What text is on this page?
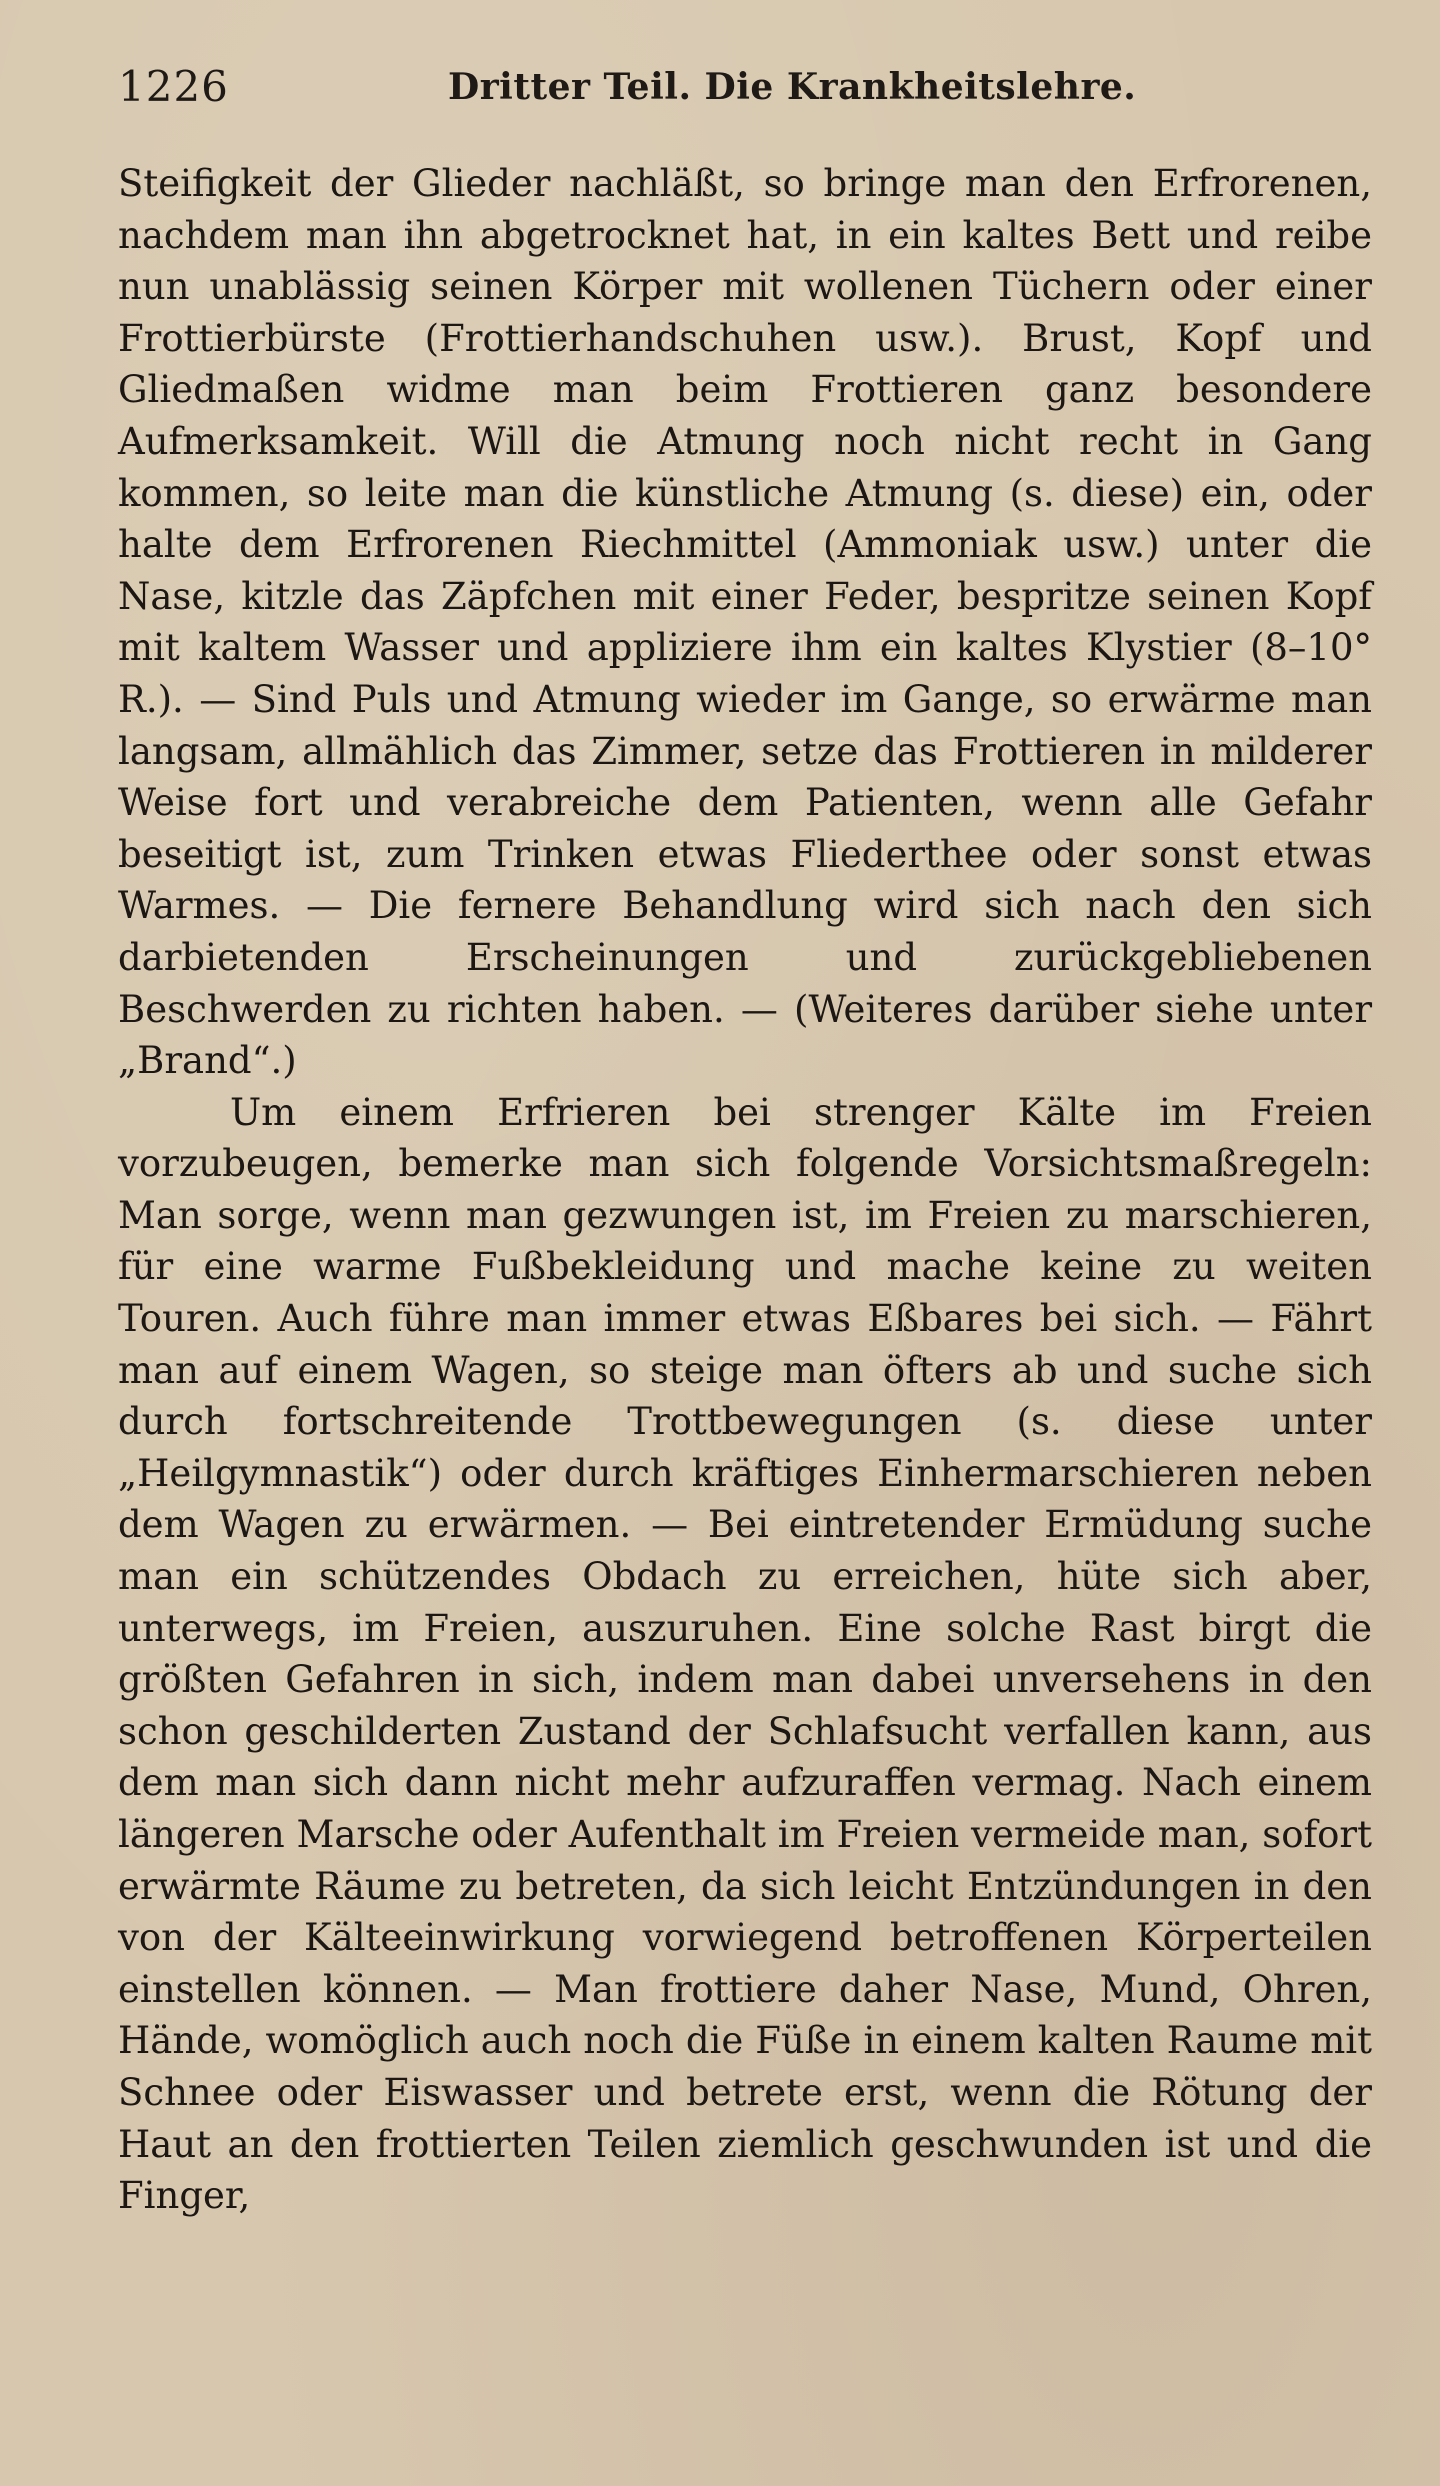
1226	Dritter Teil. Die Krankheitslehre.

Steifigkeit der Glieder nachläßt, so bringe man den Erfrorenen, nachdem man ihn abgetrocknet hat, in ein kaltes Bett und reibe nun unablässig seinen Körper mit wollenen Tüchern oder einer Frottierbürste (Frottierhandschuhen usw.). Brust, Kopf und Gliedmaßen widme man beim Frottieren ganz besondere Aufmerksamkeit. Will die Atmung noch nicht recht in Gang kommen, so leite man die künstliche Atmung (s. diese) ein, oder halte dem Erfrorenen Riechmittel (Ammoniak usw.) unter die Nase, kitzle das Zäpfchen mit einer Feder, bespritze seinen Kopf mit kaltem Wasser und appliziere ihm ein kaltes Klystier (8–10° R.). — Sind Puls und Atmung wieder im Gange, so erwärme man langsam, allmählich das Zimmer, setze das Frottieren in milderer Weise fort und verabreiche dem Patienten, wenn alle Gefahr beseitigt ist, zum Trinken etwas Fliederthee oder sonst etwas Warmes. — Die fernere Behandlung wird sich nach den sich darbietenden Erscheinungen und zurückgebliebenen Beschwerden zu richten haben. — (Weiteres darüber siehe unter „Brand“.)

Um einem Erfrieren bei strenger Kälte im Freien vorzubeugen, bemerke man sich folgende Vorsichtsmaßregeln: Man sorge, wenn man gezwungen ist, im Freien zu marschieren, für eine warme Fußbekleidung und mache keine zu weiten Touren. Auch führe man immer etwas Eßbares bei sich. — Fährt man auf einem Wagen, so steige man öfters ab und suche sich durch fortschreitende Trottbewegungen (s. diese unter „Heilgymnastik“) oder durch kräftiges Einhermarschieren neben dem Wagen zu erwärmen. — Bei eintretender Ermüdung suche man ein schützendes Obdach zu erreichen, hüte sich aber, unterwegs, im Freien, auszuruhen. Eine solche Rast birgt die größten Gefahren in sich, indem man dabei unversehens in den schon geschilderten Zustand der Schlafsucht verfallen kann, aus dem man sich dann nicht mehr aufzuraffen vermag. Nach einem längeren Marsche oder Aufenthalt im Freien vermeide man, sofort erwärmte Räume zu betreten, da sich leicht Entzündungen in den von der Kälteeinwirkung vorwiegend betroffenen Körperteilen einstellen können. — Man frottiere daher Nase, Mund, Ohren, Hände, womöglich auch noch die Füße in einem kalten Raume mit Schnee oder Eiswasser und betrete erst, wenn die Rötung der Haut an den frottierten Teilen ziemlich geschwunden ist und die Finger,
